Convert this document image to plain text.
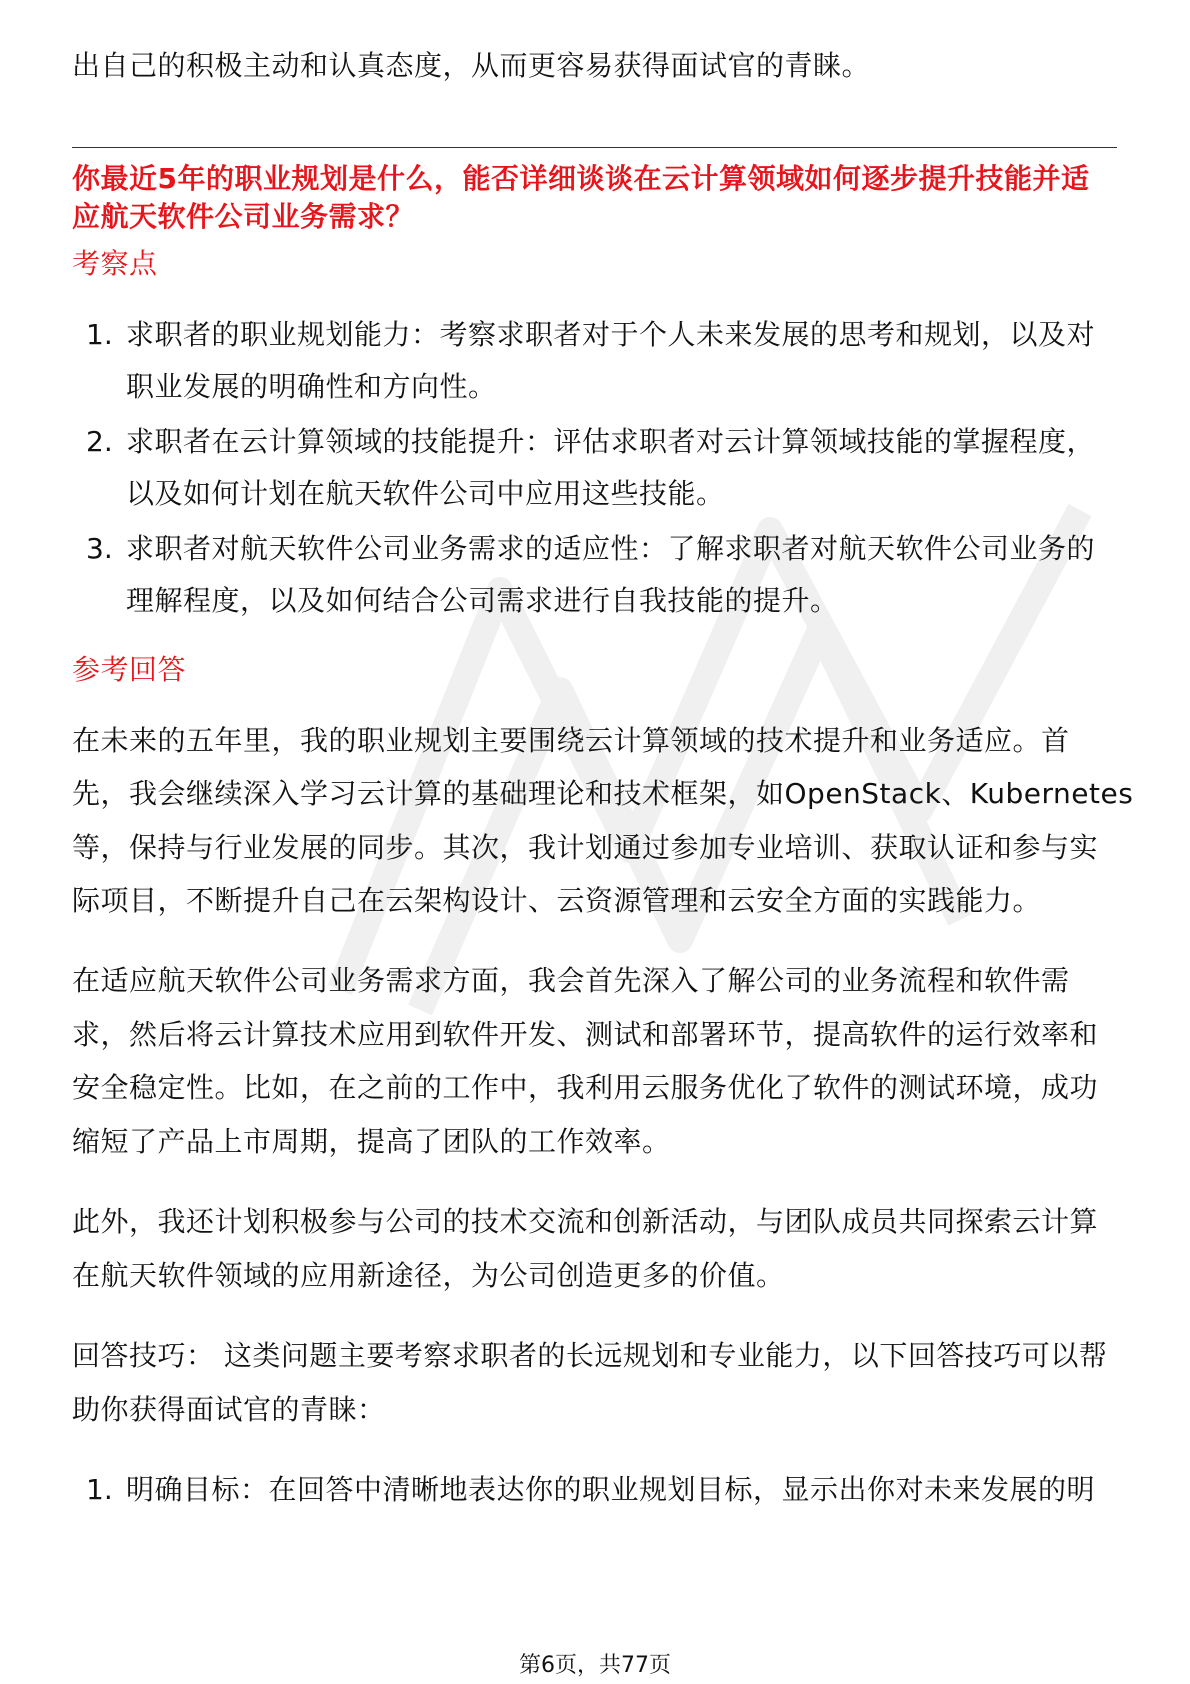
出自己的积极主动和认真态度，从而更容易获得面试官的青睐。
你最近5年的职业规划是什么，能否详细谈谈在云计算领域如何逐步提升技能并适
应航天软件公司业务需求？
考察点
1. 求职者的职业规划能力：考察求职者对于个人未来发展的思考和规划，以及对
职业发展的明确性和方向性。
2. 求职者在云计算领域的技能提升：评估求职者对云计算领域技能的掌握程度，
以及如何计划在航天软件公司中应用这些技能。
3. 求职者对航天软件公司业务需求的适应性：了解求职者对航天软件公司业务的
理解程度，以及如何结合公司需求进行自我技能的提升。
参考回答
在未来的五年里，我的职业规划主要围绕云计算领域的技术提升和业务适应。首
先，我会继续深入学习云计算的基础理论和技术框架，如OpenStack、Kubernetes
等，保持与行业发展的同步。其次，我计划通过参加专业培训、获取认证和参与实
际项目，不断提升自己在云架构设计、云资源管理和云安全方面的实践能力。
在适应航天软件公司业务需求方面，我会首先深入了解公司的业务流程和软件需
求，然后将云计算技术应用到软件开发、测试和部署环节，提高软件的运行效率和
安全稳定性。比如，在之前的工作中，我利用云服务优化了软件的测试环境，成功
缩短了产品上市周期，提高了团队的工作效率。
此外，我还计划积极参与公司的技术交流和创新活动，与团队成员共同探索云计算
在航天软件领域的应用新途径，为公司创造更多的价值。
回答技巧： 这类问题主要考察求职者的长远规划和专业能力，以下回答技巧可以帮
助你获得面试官的青睐：
1. 明确目标：在回答中清晰地表达你的职业规划目标，显示出你对未来发展的明
第6页，共77页
